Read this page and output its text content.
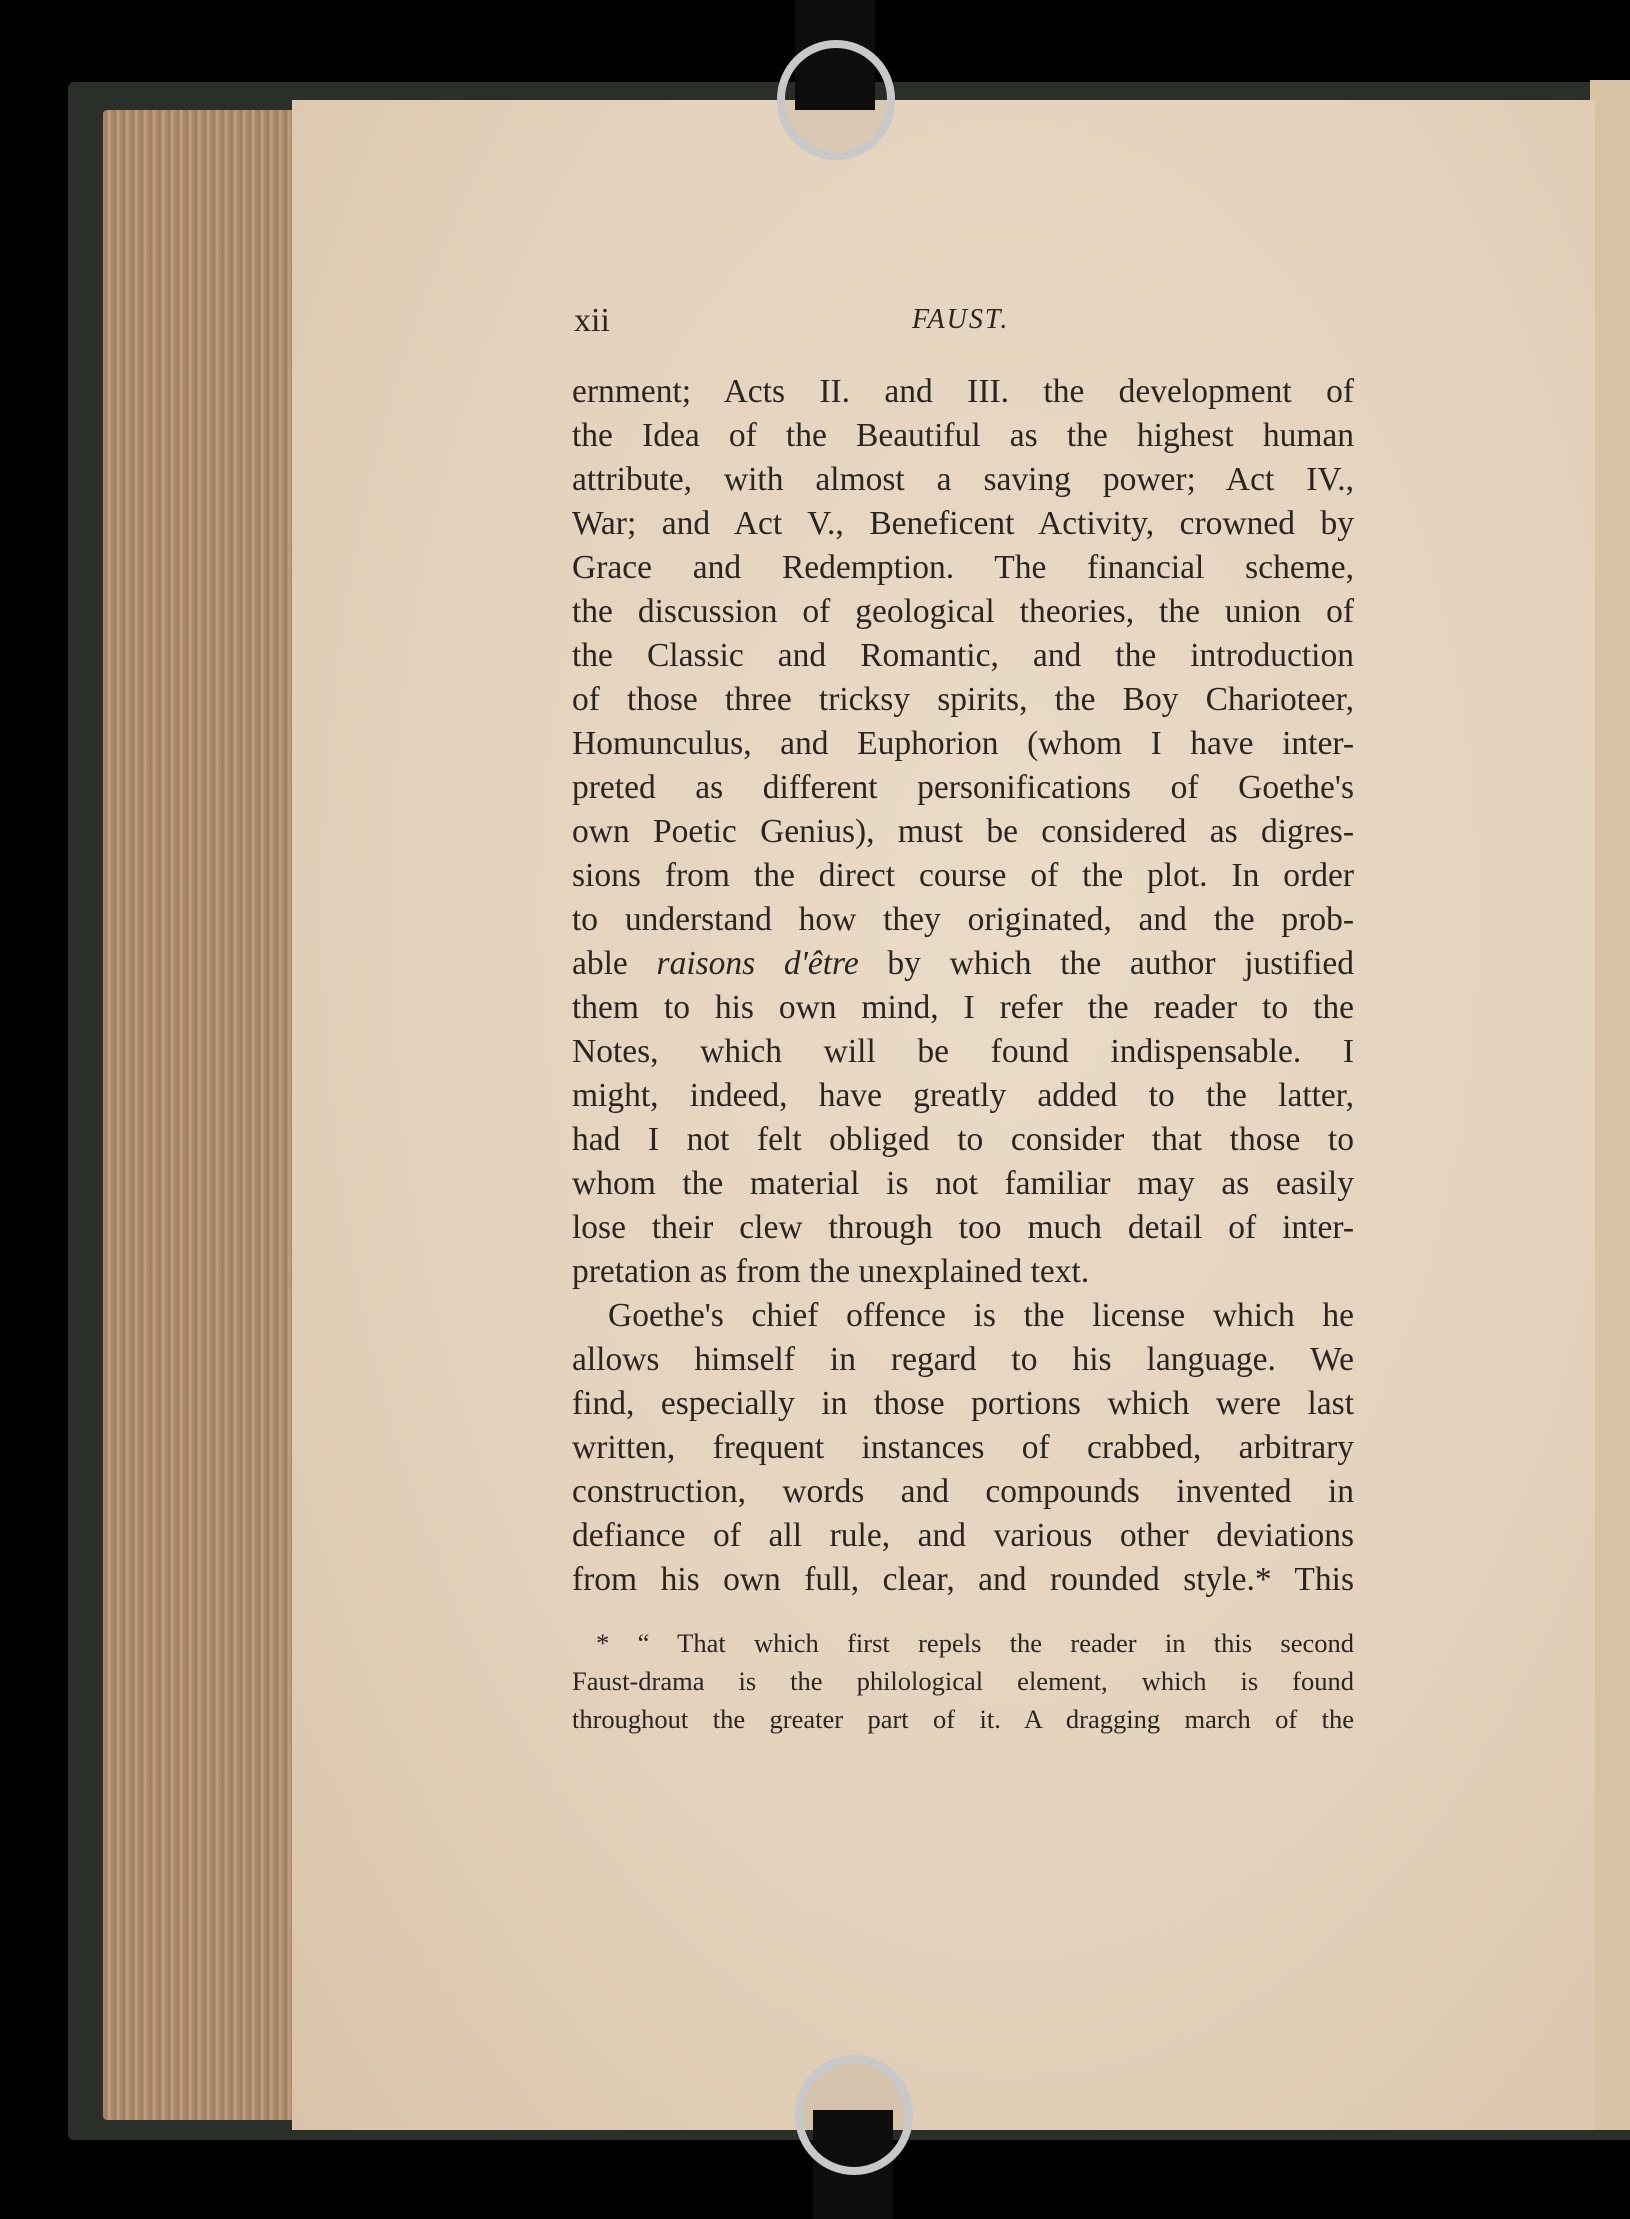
xii	FAUST.
ernment; Acts II. and III. the development of
the Idea of the Beautiful as the highest human
attribute, with almost a saving power; Act IV.,
War; and Act V., Beneficent Activity, crowned by
Grace and Redemption. The financial scheme,
the discussion of geological theories, the union of
the Classic and Romantic, and the introduction
of those three tricksy spirits, the Boy Charioteer,
Homunculus, and Euphorion (whom I have inter-
preted as different personifications of Goethe's
own Poetic Genius), must be considered as digres-
sions from the direct course of the plot. In order
to understand how they originated, and the prob-
able raisons d'être by which the author justified
them to his own mind, I refer the reader to the
Notes, which will be found indispensable. I
might, indeed, have greatly added to the latter,
had I not felt obliged to consider that those to
whom the material is not familiar may as easily
lose their clew through too much detail of inter-
pretation as from the unexplained text.
Goethe's chief offence is the license which he
allows himself in regard to his language. We
find, especially in those portions which were last
written, frequent instances of crabbed, arbitrary
construction, words and compounds invented in
defiance of all rule, and various other deviations
from his own full, clear, and rounded style.* This
* “ That which first repels the reader in this second
Faust-drama is the philological element, which is found
throughout the greater part of it. A dragging march of the
